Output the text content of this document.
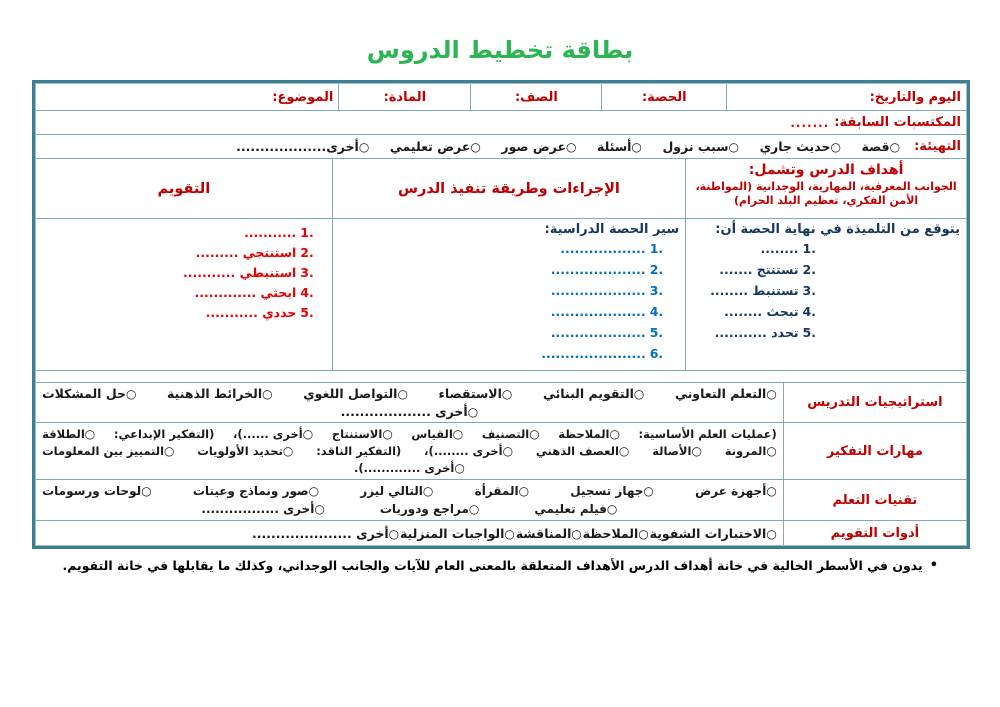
بطاقة تخطيط الدروس
اليوم والتاريخ:
الحصة:
الصف:
المادة:
الموضوع:
المكتسبات السابقة:
.......
التهيئة:
○قصة
○حديث جاري
○سبب نزول
○أسئلة
○عرض صور
○عرض تعليمي
○أخرى...................
أهداف الدرس وتشمل:
الجوانب المعرفية، المهارية، الوجدانية (المواطنة، الأمن الفكري، تعظيم البلد الحرام)
الإجراءات وطريقة تنفيذ الدرس
التقويم
يتوقع من التلميذة في نهاية الحصة أن:
1.........
2.تستنتج .......
3.تستنبط ........
4.تبحث ........
5.تحدد ...........
سير الحصة الدراسية:
1...................
2.....................
3.....................
4.....................
5.....................
6.......................
1............
2.استنتجي .........
3.استنبطي ...........
4.ابحثي .............
5.حددي ...........
استراتيجيات التدريس
○التعلم التعاوني
○التقويم البنائي
○الاستقصاء
○التواصل اللغوي
○الخرائط الذهنية
○حل المشكلات
○أخرى ...................
مهارات التفكير
(عمليات العلم الأساسية:
○الملاحظة
○التصنيف
○القياس
○الاستنتاج
○أخرى ......)،
(التفكير الإبداعي:
○الطلاقة
○المرونة
○الأصالة
○العصف الذهني
○أخرى ........)،
(التفكير الناقد:
○تحديد الأولويات
○التمييز بين المعلومات
○أخرى .............).
تقنيات التعلم
○أجهزة عرض
○جهاز تسجيل
○المقرأة
○التالي ليزر
○صور ونماذج وعينات
○لوحات ورسومات
○فيلم تعليمي
○مراجع ودوريات
○أخرى .................
أدوات التقويم
○الاختبارات الشفوية
○الملاحظة
○المناقشة
○الواجبات المنزلية
○أخرى .....................
•
يدون في الأسطر الخالية في خانة أهداف الدرس الأهداف المتعلقة بالمعنى العام للآيات والجانب الوجداني، وكذلك ما يقابلها في خانة التقويم.
